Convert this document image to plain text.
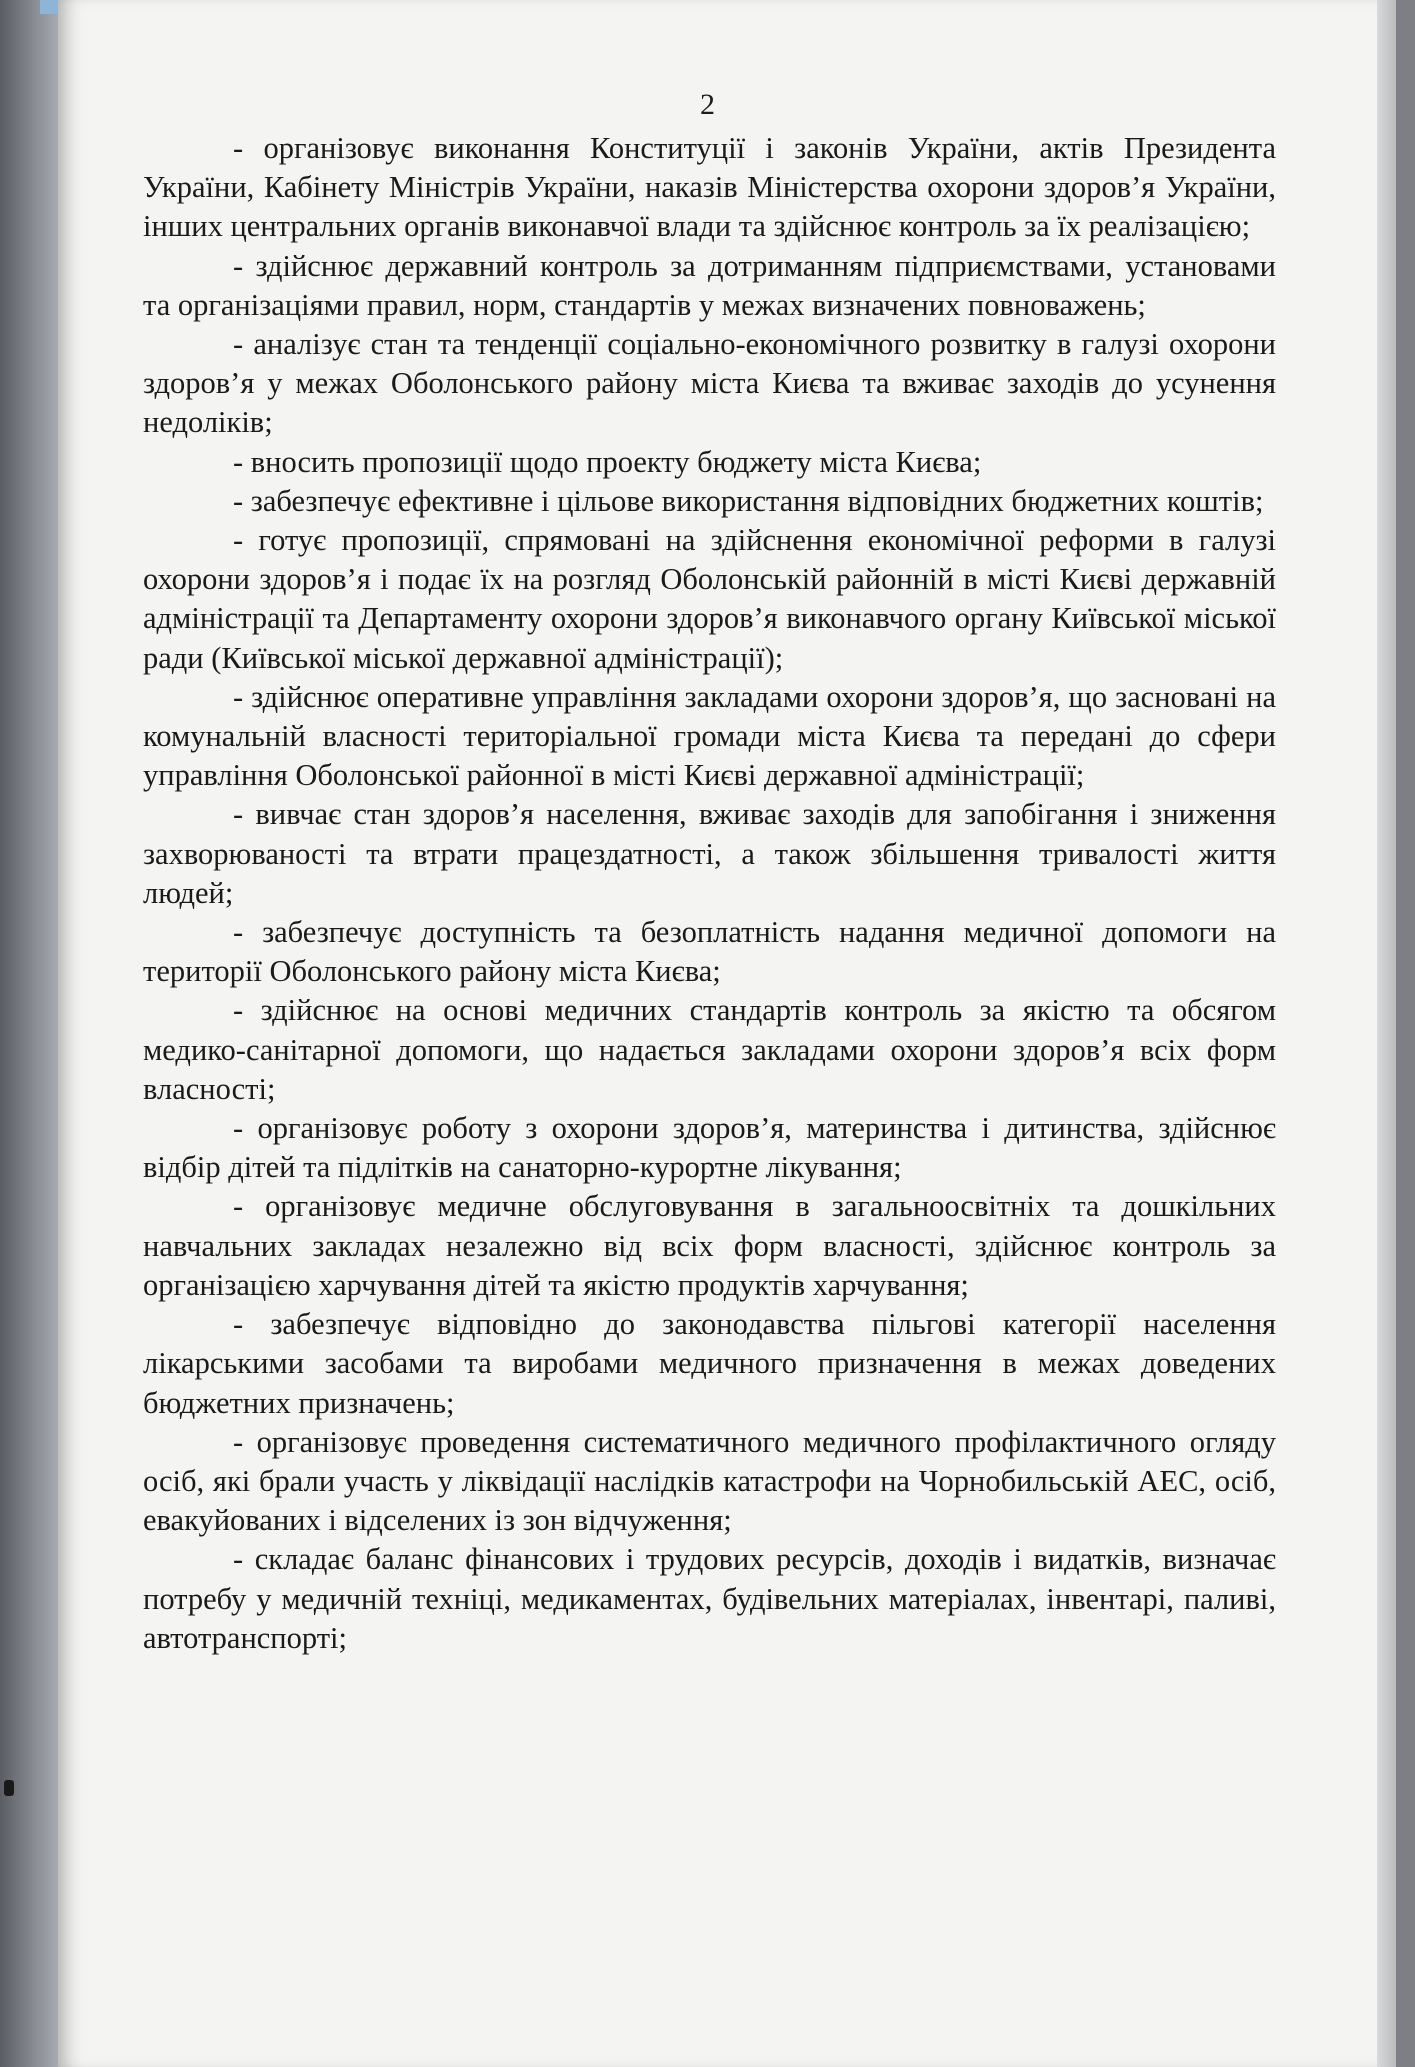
2

- організовує виконання Конституції і законів України, актів Президента України, Кабінету Міністрів України, наказів Міністерства охорони здоров’я України, інших центральних органів виконавчої влади та здійснює контроль за їх реалізацією;

- здійснює державний контроль за дотриманням підприємствами, установами та організаціями правил, норм, стандартів у межах визначених повноважень;

- аналізує стан та тенденції соціально-економічного розвитку в галузі охорони здоров’я у межах Оболонського району міста Києва та вживає заходів до усунення недоліків;

- вносить пропозиції щодо проекту бюджету міста Києва;

- забезпечує ефективне і цільове використання відповідних бюджетних коштів;

- готує пропозиції, спрямовані на здійснення економічної реформи в галузі охорони здоров’я і подає їх на розгляд Оболонській районній в місті Києві державній адміністрації та Департаменту охорони здоров’я виконавчого органу Київської міської ради (Київської міської державної адміністрації);

- здійснює оперативне управління закладами охорони здоров’я, що засновані на комунальній власності територіальної громади міста Києва та передані до сфери управління Оболонської районної в місті Києві державної адміністрації;

- вивчає стан здоров’я населення, вживає заходів для запобігання і зниження захворюваності та втрати працездатності, а також збільшення тривалості життя людей;

- забезпечує доступність та безоплатність надання медичної допомоги на території Оболонського району міста Києва;

- здійснює на основі медичних стандартів контроль за якістю та обсягом медико-санітарної допомоги, що надається закладами охорони здоров’я всіх форм власності;

- організовує роботу з охорони здоров’я, материнства і дитинства, здійснює відбір дітей та підлітків на санаторно-курортне лікування;

- організовує медичне обслуговування в загальноосвітніх та дошкільних навчальних закладах незалежно від всіх форм власності, здійснює контроль за організацією харчування дітей та якістю продуктів харчування;

- забезпечує відповідно до законодавства пільгові категорії населення лікарськими засобами та виробами медичного призначення в межах доведених бюджетних призначень;

- організовує проведення систематичного медичного профілактичного огляду осіб, які брали участь у ліквідації наслідків катастрофи на Чорнобильській АЕС, осіб, евакуйованих і відселених із зон відчуження;

- складає баланс фінансових і трудових ресурсів, доходів і видатків, визначає потребу у медичній техніці, медикаментах, будівельних матеріалах, інвентарі, паливі, автотранспорті;
